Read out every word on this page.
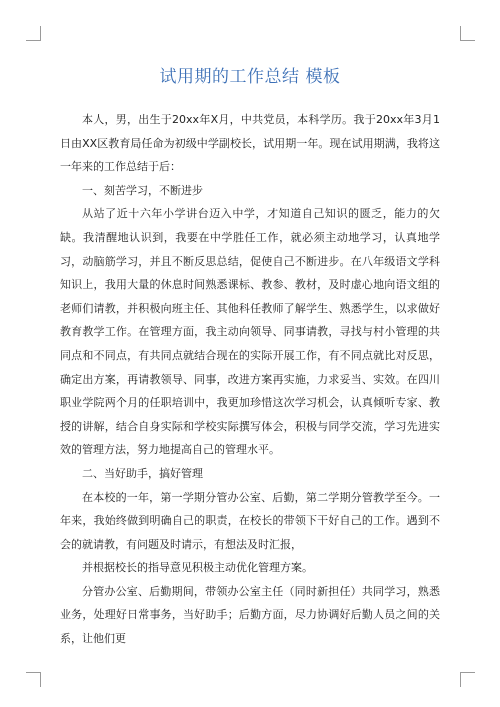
试用期的工作总结 模板

本人，男，出生于20xx年X月，中共党员，本科学历。我于20xx年3月1日由XX区教育局任命为初级中学副校长，试用期一年。现在试用期满，我将这一年来的工作总结于后：

一、刻苦学习，不断进步

从站了近十六年小学讲台迈入中学，才知道自己知识的匮乏，能力的欠缺。我清醒地认识到，我要在中学胜任工作，就必须主动地学习，认真地学习，动脑筋学习，并且不断反思总结，促使自己不断进步。在八年级语文学科知识上，我用大量的休息时间熟悉课标、教参、教材，及时虚心地向语文组的老师们请教，并积极向班主任、其他科任教师了解学生、熟悉学生，以求做好教育教学工作。在管理方面，我主动向领导、同事请教，寻找与村小管理的共同点和不同点，有共同点就结合现在的实际开展工作，有不同点就比对反思，确定出方案，再请教领导、同事，改进方案再实施，力求妥当、实效。在四川职业学院两个月的任职培训中，我更加珍惜这次学习机会，认真倾听专家、教授的讲解，结合自身实际和学校实际撰写体会，积极与同学交流，学习先进实效的管理方法，努力地提高自己的管理水平。

二、当好助手，搞好管理

在本校的一年，第一学期分管办公室、后勤，第二学期分管教学至今。一年来，我始终做到明确自己的职责，在校长的带领下干好自己的工作。遇到不会的就请教，有问题及时请示，有想法及时汇报，

并根据校长的指导意见积极主动优化管理方案。

分管办公室、后勤期间，带领办公室主任（同时新担任）共同学习，熟悉业务，处理好日常事务，当好助手；后勤方面，尽力协调好后勤人员之间的关系，让他们更
